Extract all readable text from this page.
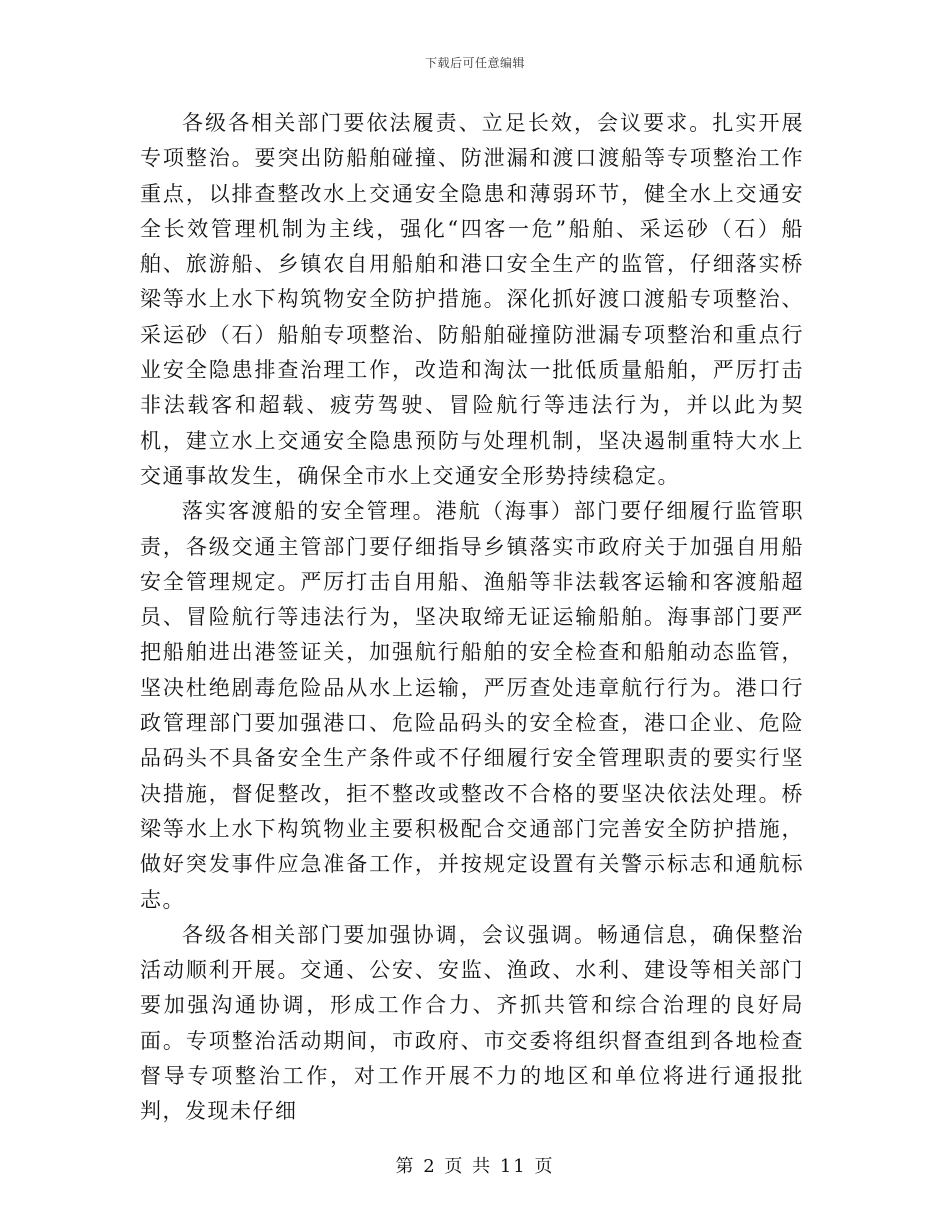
下载后可任意编辑

各级各相关部门要依法履责、立足长效，会议要求。扎实开展专项整治。要突出防船舶碰撞、防泄漏和渡口渡船等专项整治工作重点，以排查整改水上交通安全隐患和薄弱环节，健全水上交通安全长效管理机制为主线，强化“四客一危”船舶、采运砂（石）船舶、旅游船、乡镇农自用船舶和港口安全生产的监管，仔细落实桥梁等水上水下构筑物安全防护措施。深化抓好渡口渡船专项整治、采运砂（石）船舶专项整治、防船舶碰撞防泄漏专项整治和重点行业安全隐患排查治理工作，改造和淘汰一批低质量船舶，严厉打击非法载客和超载、疲劳驾驶、冒险航行等违法行为，并以此为契机，建立水上交通安全隐患预防与处理机制，坚决遏制重特大水上交通事故发生，确保全市水上交通安全形势持续稳定。

落实客渡船的安全管理。港航（海事）部门要仔细履行监管职责，各级交通主管部门要仔细指导乡镇落实市政府关于加强自用船安全管理规定。严厉打击自用船、渔船等非法载客运输和客渡船超员、冒险航行等违法行为，坚决取缔无证运输船舶。海事部门要严把船舶进出港签证关，加强航行船舶的安全检查和船舶动态监管，坚决杜绝剧毒危险品从水上运输，严厉查处违章航行行为。港口行政管理部门要加强港口、危险品码头的安全检查，港口企业、危险品码头不具备安全生产条件或不仔细履行安全管理职责的要实行坚决措施，督促整改，拒不整改或整改不合格的要坚决依法处理。桥梁等水上水下构筑物业主要积极配合交通部门完善安全防护措施，做好突发事件应急准备工作，并按规定设置有关警示标志和通航标志。

各级各相关部门要加强协调，会议强调。畅通信息，确保整治活动顺利开展。交通、公安、安监、渔政、水利、建设等相关部门要加强沟通协调，形成工作合力、齐抓共管和综合治理的良好局面。专项整治活动期间，市政府、市交委将组织督查组到各地检查督导专项整治工作，对工作开展不力的地区和单位将进行通报批判，发现未仔细

第 2 页 共 11 页
